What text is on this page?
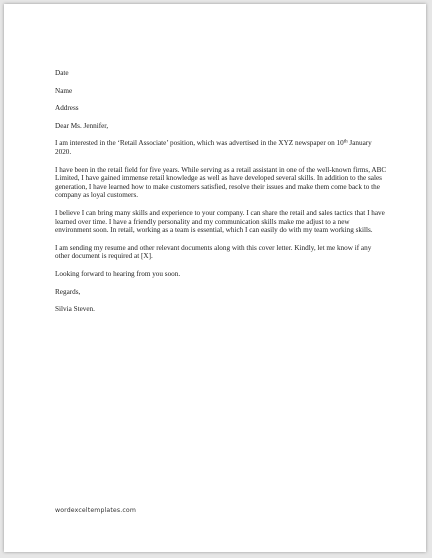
Date

Name

Address

Dear Ms. Jennifer,

I am interested in the ‘Retail Associate’ position, which was advertised in the XYZ newspaper on 10th January 2020.

I have been in the retail field for five years. While serving as a retail assistant in one of the well-known firms, ABC Limited, I have gained immense retail knowledge as well as have developed several skills. In addition to the sales generation, I have learned how to make customers satisfied, resolve their issues and make them come back to the company as loyal customers.

I believe I can bring many skills and experience to your company. I can share the retail and sales tactics that I have learned over time. I have a friendly personality and my communication skills make me adjust to a new environment soon. In retail, working as a team is essential, which I can easily do with my team working skills.

I am sending my resume and other relevant documents along with this cover letter. Kindly, let me know if any other document is required at [X].

Looking forward to hearing from you soon.

Regards,

Silvia Steven.

wordexceltemplates.com
